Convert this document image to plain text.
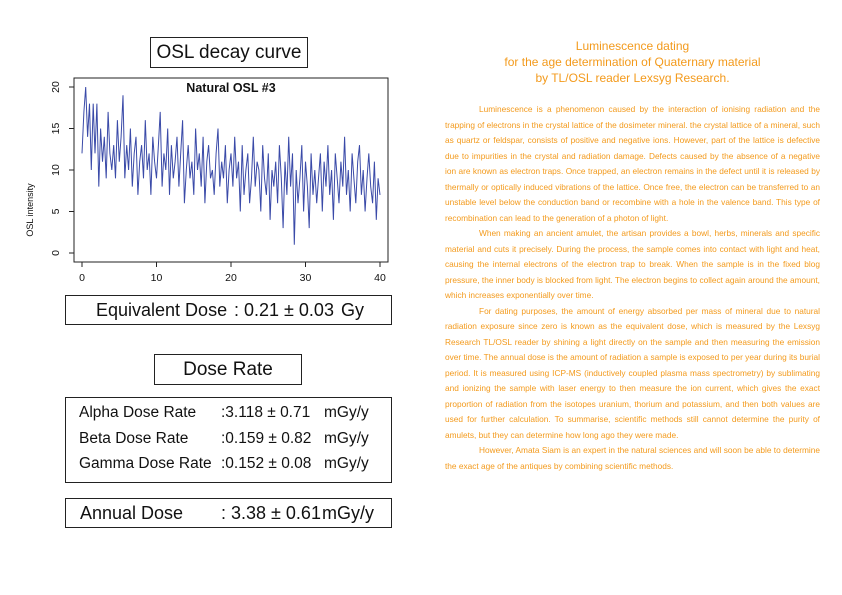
OSL decay curve
Natural OSL #3
OSL intensity
0	10	20	30	40
0
5
10
15
20
Equivalent Dose : 0.21 ± 0.03 Gy
Dose Rate
Alpha Dose Rate :3.118 ± 0.71 mGy/y
Beta Dose Rate :0.159 ± 0.82 mGy/y
Gamma Dose Rate :0.152 ± 0.08 mGy/y
Annual Dose : 3.38 ± 0.61 mGy/y
Luminescence dating
for the age determination of Quaternary material
by TL/OSL reader Lexsyg Research.

Luminescence is a phenomenon caused by the interaction of ionising radiation and the trapping of electrons in the crystal lattice of the dosimeter mineral. the crystal lattice of a mineral, such as quartz or feldspar, consists of positive and negative ions. However, part of the lattice is defective due to impurities in the crystal and radiation damage. Defects caused by the absence of a negative ion are known as electron traps. Once trapped, an electron remains in the defect until it is released by thermally or optically induced vibrations of the lattice. Once free, the electron can be transferred to an unstable level below the conduction band or recombine with a hole in the valence band. This type of recombination can lead to the generation of a photon of light.

When making an ancient amulet, the artisan provides a bowl, herbs, minerals and specific material and cuts it precisely. During the process, the sample comes into contact with light and heat, causing the internal electrons of the electron trap to break. When the sample is in the fixed blog pressure, the inner body is blocked from light. The electron begins to collect again around the amount, which increases exponentially over time.

For dating purposes, the amount of energy absorbed per mass of mineral due to natural radiation exposure since zero is known as the equivalent dose, which is measured by the Lexsyg Research TL/OSL reader by shining a light directly on the sample and then measuring the emission over time. The annual dose is the amount of radiation a sample is exposed to per year during its burial period. It is measured using ICP-MS (inductively coupled plasma mass spectrometry) by sublimating and ionizing the sample with laser energy to then measure the ion current, which gives the exact proportion of radiation from the isotopes uranium, thorium and potassium, and then both values are used for further calculation. To summarise, scientific methods still cannot determine the purity of amulets, but they can determine how long ago they were made.

However, Amata Siam is an expert in the natural sciences and will soon be able to determine the exact age of the antiques by combining scientific methods.
